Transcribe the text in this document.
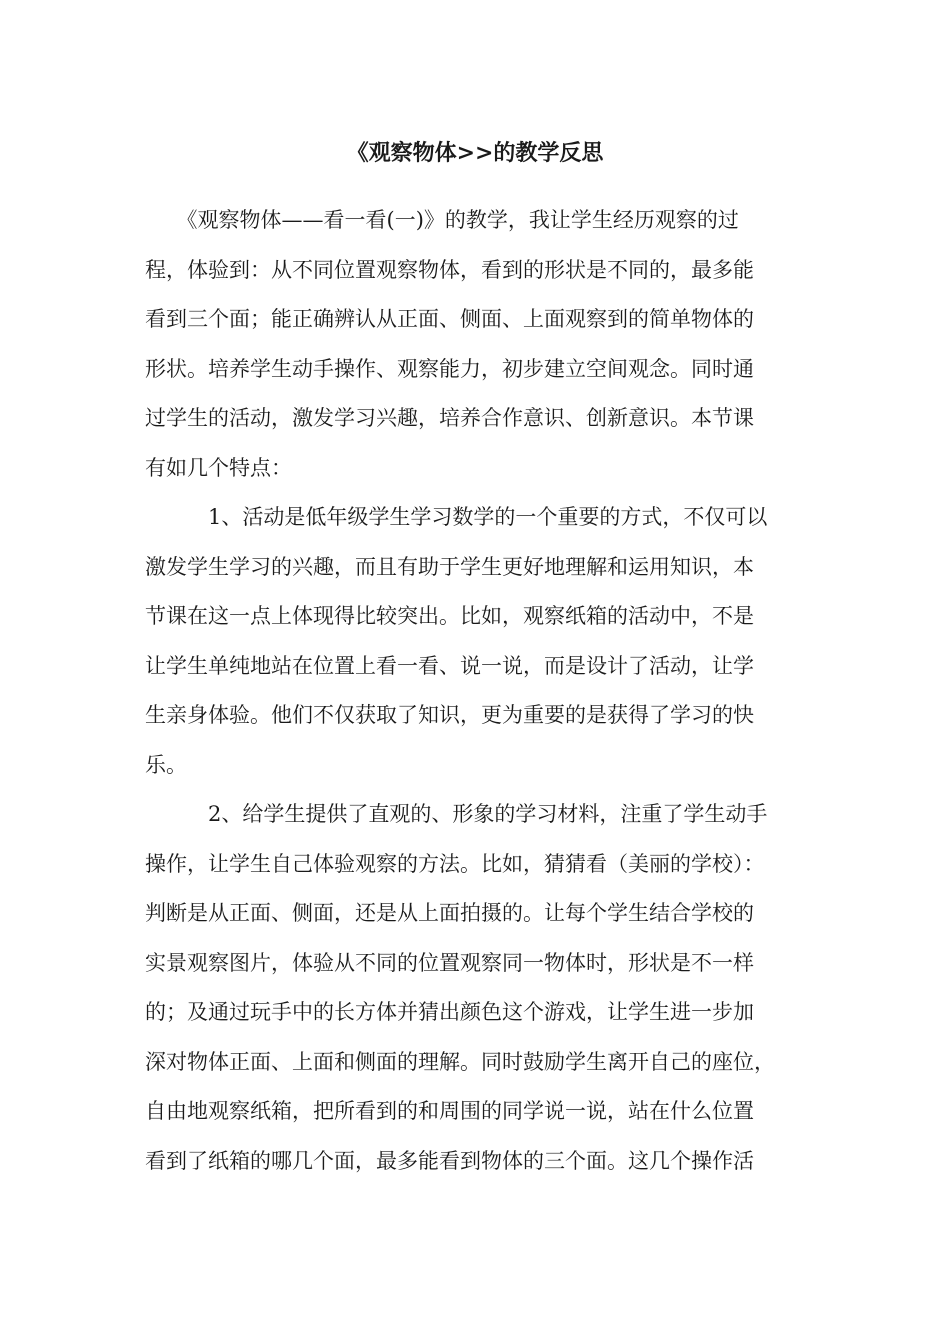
《观察物体>>的教学反思
　　《观察物体——看一看(一)》的教学，我让学生经历观察的过
程，体验到：从不同位置观察物体，看到的形状是不同的，最多能
看到三个面；能正确辨认从正面、侧面、上面观察到的简单物体的
形状。培养学生动手操作、观察能力，初步建立空间观念。同时通
过学生的活动，激发学习兴趣，培养合作意识、创新意识。本节课
有如几个特点：
　　　1、活动是低年级学生学习数学的一个重要的方式，不仅可以
激发学生学习的兴趣，而且有助于学生更好地理解和运用知识，本
节课在这一点上体现得比较突出。比如，观察纸箱的活动中，不是
让学生单纯地站在位置上看一看、说一说，而是设计了活动，让学
生亲身体验。他们不仅获取了知识，更为重要的是获得了学习的快
乐。
　　　2、给学生提供了直观的、形象的学习材料，注重了学生动手
操作，让学生自己体验观察的方法。比如，猜猜看（美丽的学校）：
判断是从正面、侧面，还是从上面拍摄的。让每个学生结合学校的
实景观察图片，体验从不同的位置观察同一物体时，形状是不一样
的；及通过玩手中的长方体并猜出颜色这个游戏，让学生进一步加
深对物体正面、上面和侧面的理解。同时鼓励学生离开自己的座位，
自由地观察纸箱，把所看到的和周围的同学说一说，站在什么位置
看到了纸箱的哪几个面，最多能看到物体的三个面。这几个操作活
